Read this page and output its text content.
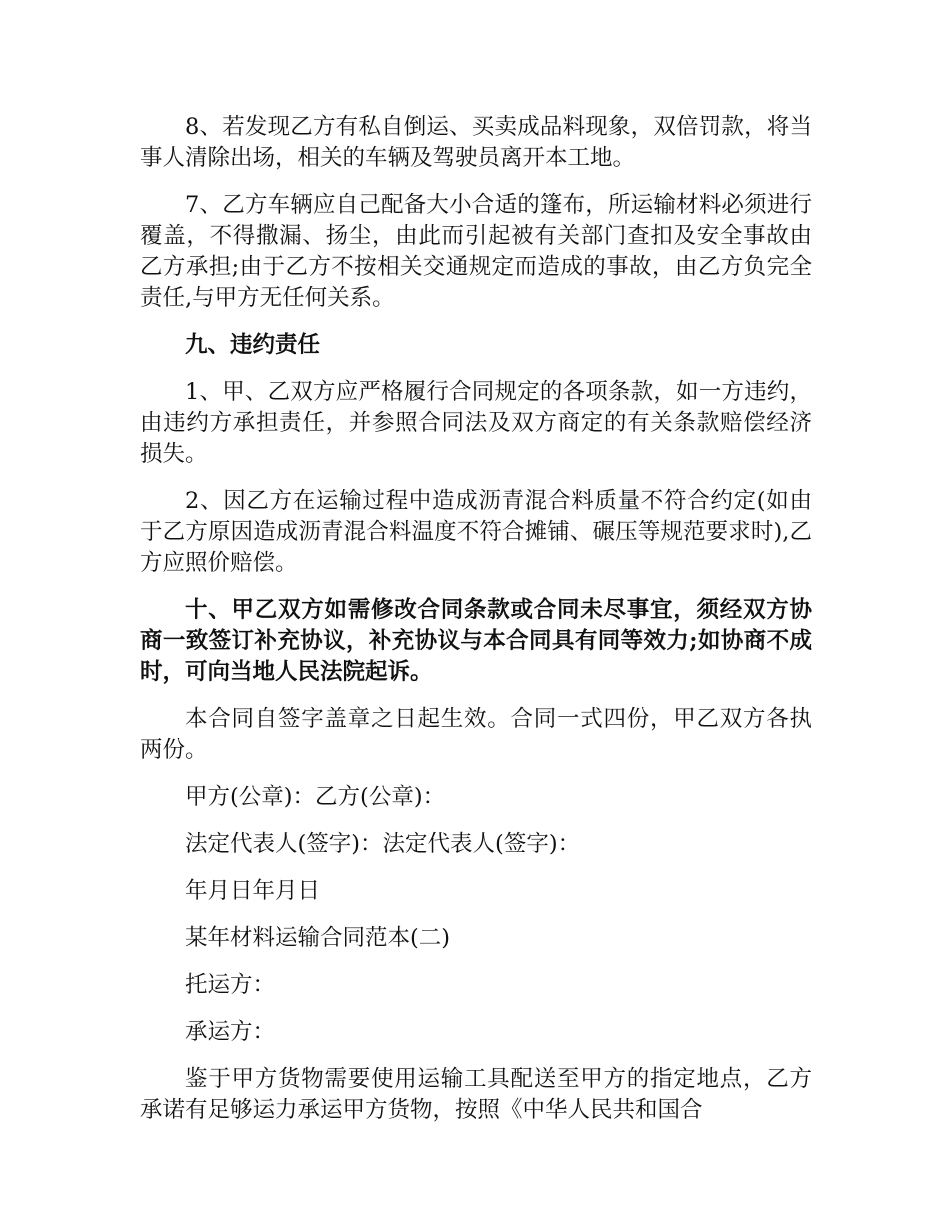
8、若发现乙方有私自倒运、买卖成品料现象，双倍罚款，将当事人清除出场，相关的车辆及驾驶员离开本工地。

7、乙方车辆应自己配备大小合适的篷布，所运输材料必须进行覆盖，不得撒漏、扬尘，由此而引起被有关部门查扣及安全事故由乙方承担;由于乙方不按相关交通规定而造成的事故，由乙方负完全责任,与甲方无任何关系。

九、违约责任

1、甲、乙双方应严格履行合同规定的各项条款，如一方违约，由违约方承担责任，并参照合同法及双方商定的有关条款赔偿经济损失。

2、因乙方在运输过程中造成沥青混合料质量不符合约定(如由于乙方原因造成沥青混合料温度不符合摊铺、碾压等规范要求时),乙方应照价赔偿。

十、甲乙双方如需修改合同条款或合同未尽事宜，须经双方协商一致签订补充协议，补充协议与本合同具有同等效力;如协商不成时，可向当地人民法院起诉。

本合同自签字盖章之日起生效。合同一式四份，甲乙双方各执两份。

甲方(公章)：乙方(公章)：

法定代表人(签字)：法定代表人(签字)：

年月日年月日

某年材料运输合同范本(二)

托运方：

承运方：

鉴于甲方货物需要使用运输工具配送至甲方的指定地点，乙方承诺有足够运力承运甲方货物，按照《中华人民共和国合
